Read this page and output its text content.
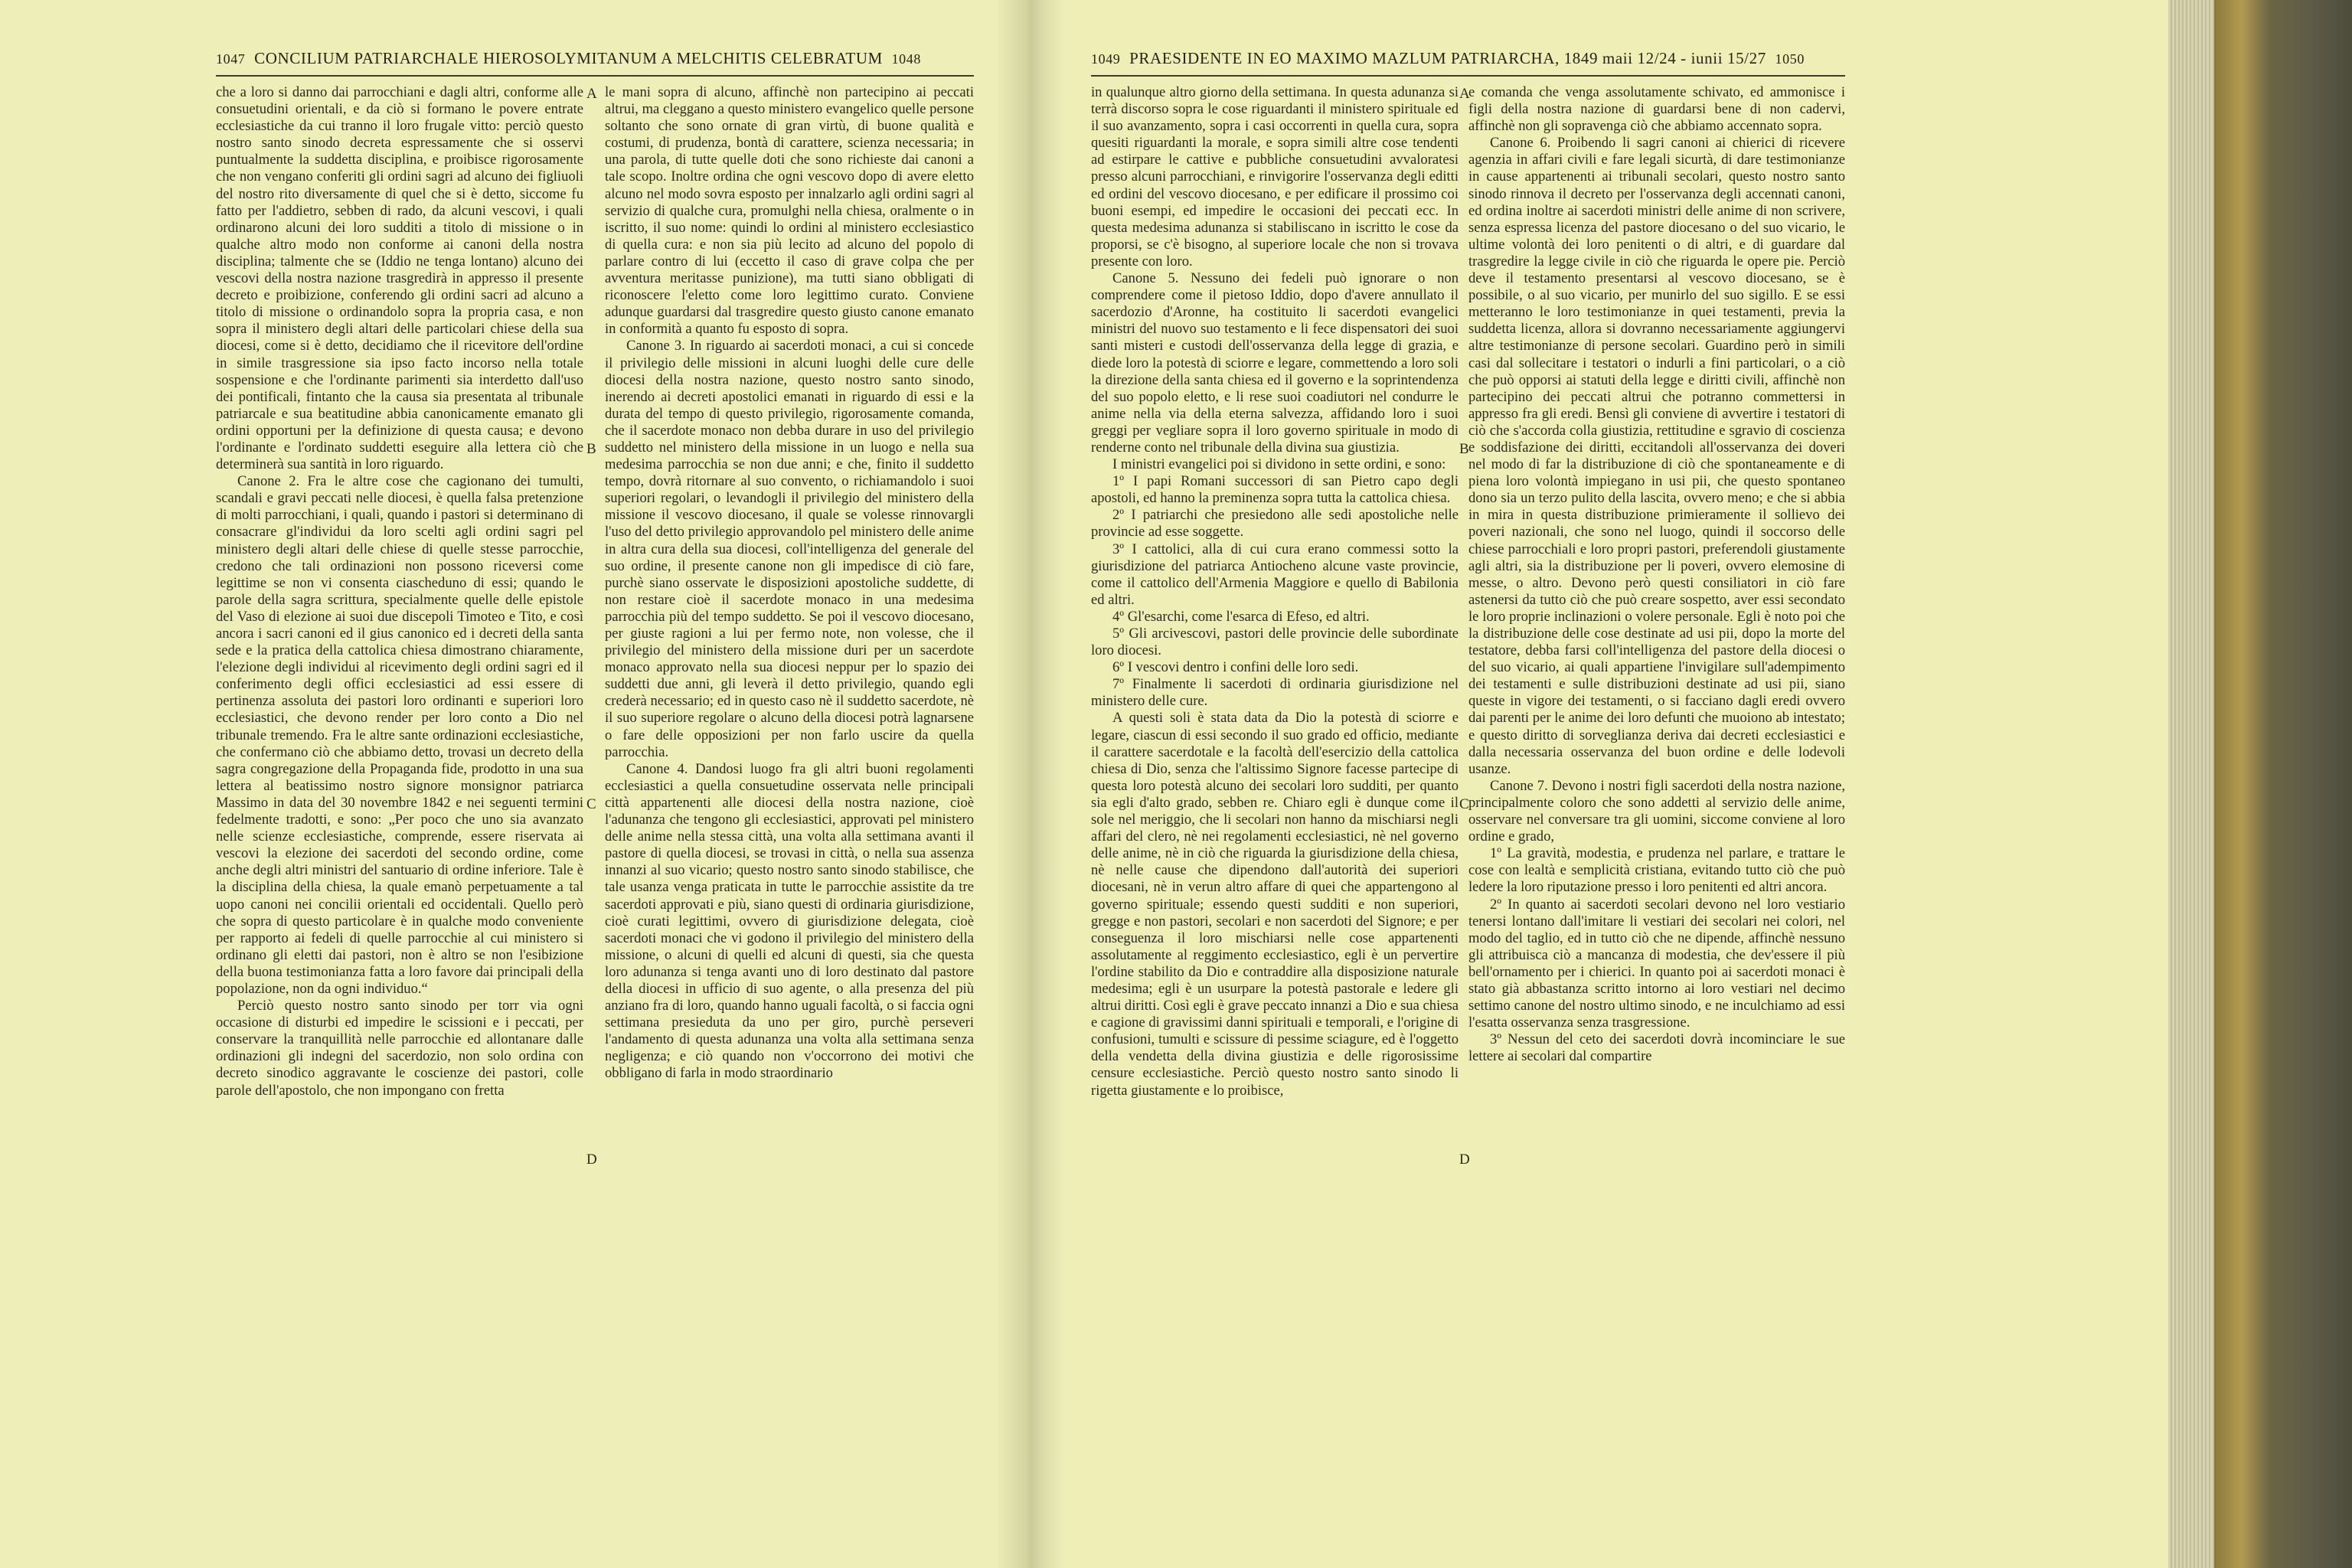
1047 CONCILIUM PATRIARCHALE HIEROSOLYMITANUM A MELCHITIS CELEBRATUM 1048	1049 PRAESIDENTE IN EO MAXIMO MAZLUM PATRIARCHA, 1849 maii 12/24 - iunii 15/27 1050

che a loro si danno dai parrocchiani e dagli altri, conforme alle consuetudini orientali, e da ciò si formano le povere entrate ecclesiastiche da cui tranno il loro frugale vitto: perciò questo nostro santo sinodo decreta espressamente che si osservi puntualmente la suddetta disciplina, e proibisce rigorosamente che non vengano conferiti gli ordini sagri ad alcuno dei figliuoli del nostro rito diversamente di quel che si è detto, siccome fu fatto per l'addietro, sebben di rado, da alcuni vescovi, i quali ordinarono alcuni dei loro sudditi a titolo di missione o in qualche altro modo non conforme ai canoni della nostra disciplina; talmente che se (Iddio ne tenga lontano) alcuno dei vescovi della nostra nazione trasgredirà in appresso il presente decreto e proibizione, conferendo gli ordini sacri ad alcuno a titolo di missione o ordinandolo sopra la propria casa, e non sopra il ministero degli altari delle particolari chiese della sua diocesi, come si è detto, decidiamo che il ricevitore dell'ordine in simile trasgressione sia ipso facto incorso nella totale sospensione e che l'ordinante parimenti sia interdetto dall'uso dei pontificali, fintanto che la causa sia presentata al tribunale patriarcale e sua beatitudine abbia canonicamente emanato gli ordini opportuni per la definizione di questa causa; e devono l'ordinante e l'ordinato suddetti eseguire alla lettera ciò che determinerà sua santità in loro riguardo.

Canone 2. Fra le altre cose che cagionano dei tumulti, scandali e gravi peccati nelle diocesi, è quella falsa pretenzione di molti parrocchiani, i quali, quando i pastori si determinano di consacrare gl'individui da loro scelti agli ordini sagri pel ministero degli altari delle chiese di quelle stesse parrocchie, credono che tali ordinazioni non possono riceversi come legittime se non vi consenta ciascheduno di essi; quando le parole della sagra scrittura, specialmente quelle delle epistole del Vaso di elezione ai suoi due discepoli Timoteo e Tito, e così ancora i sacri canoni ed il gius canonico ed i decreti della santa sede e la pratica della cattolica chiesa dimostrano chiaramente, l'elezione degli individui al ricevimento degli ordini sagri ed il conferimento degli offici ecclesiastici ad essi essere di pertinenza assoluta dei pastori loro ordinanti e superiori loro ecclesiastici, che devono render per loro conto a Dio nel tribunale tremendo. Fra le altre sante ordinazioni ecclesiastiche, che confermano ciò che abbiamo detto, trovasi un decreto della sagra congregazione della Propaganda fide, prodotto in una sua lettera al beatissimo nostro signore monsignor patriarca Massimo in data del 30 novembre 1842 e nei seguenti termini fedelmente tradotti, e sono: „Per poco che uno sia avanzato nelle scienze ecclesiastiche, comprende, essere riservata ai vescovi la elezione dei sacerdoti del secondo ordine, come anche degli altri ministri del santuario di ordine inferiore. Tale è la disciplina della chiesa, la quale emanò perpetuamente a tal uopo canoni nei concilii orientali ed occidentali. Quello però che sopra di questo particolare è in qualche modo conveniente per rapporto ai fedeli di quelle parrocchie al cui ministero si ordinano gli eletti dai pastori, non è altro se non l'esibizione della buona testimonianza fatta a loro favore dai principali della popolazione, non da ogni individuo.“

Perciò questo nostro santo sinodo per torr via ogni occasione di disturbi ed impedire le scissioni e i peccati, per conservare la tranquillità nelle parrocchie ed allontanare dalle ordinazioni gli indegni del sacerdozio, non solo ordina con decreto sinodico aggravante le coscienze dei pastori, colle parole dell'apostolo, che non impongano con fretta

le mani sopra di alcuno, affinchè non partecipino ai peccati altrui, ma cleggano a questo ministero evangelico quelle persone soltanto che sono ornate di gran virtù, di buone qualità e costumi, di prudenza, bontà di carattere, scienza necessaria; in una parola, di tutte quelle doti che sono richieste dai canoni a tale scopo. Inoltre ordina che ogni vescovo dopo di avere eletto alcuno nel modo sovra esposto per innalzarlo agli ordini sagri al servizio di qualche cura, promulghi nella chiesa, oralmente o in iscritto, il suo nome: quindi lo ordini al ministero ecclesiastico di quella cura: e non sia più lecito ad alcuno del popolo di parlare contro di lui (eccetto il caso di grave colpa che per avventura meritasse punizione), ma tutti siano obbligati di riconoscere l'eletto come loro legittimo curato. Conviene adunque guardarsi dal trasgredire questo giusto canone emanato in conformità a quanto fu esposto di sopra.

Canone 3. In riguardo ai sacerdoti monaci, a cui si concede il privilegio delle missioni in alcuni luoghi delle cure delle diocesi della nostra nazione, questo nostro santo sinodo, inerendo ai decreti apostolici emanati in riguardo di essi e la durata del tempo di questo privilegio, rigorosamente comanda, che il sacerdote monaco non debba durare in uso del privilegio suddetto nel ministero della missione in un luogo e nella sua medesima parrocchia se non due anni; e che, finito il suddetto tempo, dovrà ritornare al suo convento, o richiamandolo i suoi superiori regolari, o levandogli il privilegio del ministero della missione il vescovo diocesano, il quale se volesse rinnovargli l'uso del detto privilegio approvandolo pel ministero delle anime in altra cura della sua diocesi, coll'intelligenza del generale del suo ordine, il presente canone non gli impedisce di ciò fare, purchè siano osservate le disposizioni apostoliche suddette, di non restare cioè il sacerdote monaco in una medesima parrocchia più del tempo suddetto. Se poi il vescovo diocesano, per giuste ragioni a lui per fermo note, non volesse, che il privilegio del ministero della missione duri per un sacerdote monaco approvato nella sua diocesi neppur per lo spazio dei suddetti due anni, gli leverà il detto privilegio, quando egli crederà necessario; ed in questo caso nè il suddetto sacerdote, nè il suo superiore regolare o alcuno della diocesi potrà lagnarsene o fare delle opposizioni per non farlo uscire da quella parrocchia.

Canone 4. Dandosi luogo fra gli altri buoni regolamenti ecclesiastici a quella consuetudine osservata nelle principali città appartenenti alle diocesi della nostra nazione, cioè l'adunanza che tengono gli ecclesiastici, approvati pel ministero delle anime nella stessa città, una volta alla settimana avanti il pastore di quella diocesi, se trovasi in città, o nella sua assenza innanzi al suo vicario; questo nostro santo sinodo stabilisce, che tale usanza venga praticata in tutte le parrocchie assistite da tre sacerdoti approvati e più, siano questi di ordinaria giurisdizione, cioè curati legittimi, ovvero di giurisdizione delegata, cioè sacerdoti monaci che vi godono il privilegio del ministero della missione, o alcuni di quelli ed alcuni di questi, sia che questa loro adunanza si tenga avanti uno di loro destinato dal pastore della diocesi in ufficio di suo agente, o alla presenza del più anziano fra di loro, quando hanno uguali facoltà, o si faccia ogni settimana presieduta da uno per giro, purchè perseveri l'andamento di questa adunanza una volta alla settimana senza negligenza; e ciò quando non v'occorrono dei motivi che obbligano di farla in modo straordinario

in qualunque altro giorno della settimana. In questa adunanza si terrà discorso sopra le cose riguardanti il ministero spirituale ed il suo avanzamento, sopra i casi occorrenti in quella cura, sopra quesiti riguardanti la morale, e sopra simili altre cose tendenti ad estirpare le cattive e pubbliche consuetudini avvaloratesi presso alcuni parrocchiani, e rinvigorire l'osservanza degli editti ed ordini del vescovo diocesano, e per edificare il prossimo coi buoni esempi, ed impedire le occasioni dei peccati ecc. In questa medesima adunanza si stabiliscano in iscritto le cose da proporsi, se c'è bisogno, al superiore locale che non si trovava presente con loro.

Canone 5. Nessuno dei fedeli può ignorare o non comprendere come il pietoso Iddio, dopo d'avere annullato il sacerdozio d'Aronne, ha costituito li sacerdoti evangelici ministri del nuovo suo testamento e li fece dispensatori dei suoi santi misteri e custodi dell'osservanza della legge di grazia, e diede loro la potestà di sciorre e legare, commettendo a loro soli la direzione della santa chiesa ed il governo e la soprintendenza del suo popolo eletto, e li rese suoi coadiutori nel condurre le anime nella via della eterna salvezza, affidando loro i suoi greggi per vegliare sopra il loro governo spirituale in modo di renderne conto nel tribunale della divina sua giustizia.

I ministri evangelici poi si dividono in sette ordini, e sono:

1º I papi Romani successori di san Pietro capo degli apostoli, ed hanno la preminenza sopra tutta la cattolica chiesa.

2º I patriarchi che presiedono alle sedi apostoliche nelle provincie ad esse soggette.

3º I cattolici, alla di cui cura erano commessi sotto la giurisdizione del patriarca Antiocheno alcune vaste provincie, come il cattolico dell'Armenia Maggiore e quello di Babilonia ed altri.

4º Gl'esarchi, come l'esarca di Efeso, ed altri.

5º Gli arcivescovi, pastori delle provincie delle subordinate loro diocesi.

6º I vescovi dentro i confini delle loro sedi.

7º Finalmente li sacerdoti di ordinaria giurisdizione nel ministero delle cure.

A questi soli è stata data da Dio la potestà di sciorre e legare, ciascun di essi secondo il suo grado ed officio, mediante il carattere sacerdotale e la facoltà dell'esercizio della cattolica chiesa di Dio, senza che l'altissimo Signore facesse partecipe di questa loro potestà alcuno dei secolari loro sudditi, per quanto sia egli d'alto grado, sebben re. Chiaro egli è dunque come il sole nel meriggio, che li secolari non hanno da mischiarsi negli affari del clero, nè nei regolamenti ecclesiastici, nè nel governo delle anime, nè in ciò che riguarda la giurisdizione della chiesa, nè nelle cause che dipendono dall'autorità dei superiori diocesani, nè in verun altro affare di quei che appartengono al governo spirituale; essendo questi sudditi e non superiori, gregge e non pastori, secolari e non sacerdoti del Signore; e per conseguenza il loro mischiarsi nelle cose appartenenti assolutamente al reggimento ecclesiastico, egli è un pervertire l'ordine stabilito da Dio e contraddire alla disposizione naturale medesima; egli è un usurpare la potestà pastorale e ledere gli altrui diritti. Così egli è grave peccato innanzi a Dio e sua chiesa e cagione di gravissimi danni spirituali e temporali, e l'origine di confusioni, tumulti e scissure di pessime sciagure, ed è l'oggetto della vendetta della divina giustizia e delle rigorosissime censure ecclesiastiche. Perciò questo nostro santo sinodo li rigetta giustamente e lo proibisce,

e comanda che venga assolutamente schivato, ed ammonisce i figli della nostra nazione di guardarsi bene di non cadervi, affinchè non gli sopravenga ciò che abbiamo accennato sopra.

Canone 6. Proibendo li sagri canoni ai chierici di ricevere agenzia in affari civili e fare legali sicurtà, di dare testimonianze in cause appartenenti ai tribunali secolari, questo nostro santo sinodo rinnova il decreto per l'osservanza degli accennati canoni, ed ordina inoltre ai sacerdoti ministri delle anime di non scrivere, senza espressa licenza del pastore diocesano o del suo vicario, le ultime volontà dei loro penitenti o di altri, e di guardare dal trasgredire la legge civile in ciò che riguarda le opere pie. Perciò deve il testamento presentarsi al vescovo diocesano, se è possibile, o al suo vicario, per munirlo del suo sigillo. E se essi metteranno le loro testimonianze in quei testamenti, previa la suddetta licenza, allora si dovranno necessariamente aggiungervi altre testimonianze di persone secolari. Guardino però in simili casi dal sollecitare i testatori o indurli a fini particolari, o a ciò che può opporsi ai statuti della legge e diritti civili, affinchè non partecipino dei peccati altrui che potranno commettersi in appresso fra gli eredi. Bensì gli conviene di avvertire i testatori di ciò che s'accorda colla giustizia, rettitudine e sgravio di coscienza e soddisfazione dei diritti, eccitandoli all'osservanza dei doveri nel modo di far la distribuzione di ciò che spontaneamente e di piena loro volontà impiegano in usi pii, che questo spontaneo dono sia un terzo pulito della lascita, ovvero meno; e che si abbia in mira in questa distribuzione primieramente il sollievo dei poveri nazionali, che sono nel luogo, quindi il soccorso delle chiese parrocchiali e loro propri pastori, preferendoli giustamente agli altri, sia la distribuzione per li poveri, ovvero elemosine di messe, o altro. Devono però questi consiliatori in ciò fare astenersi da tutto ciò che può creare sospetto, aver essi secondato le loro proprie inclinazioni o volere personale. Egli è noto poi che la distribuzione delle cose destinate ad usi pii, dopo la morte del testatore, debba farsi coll'intelligenza del pastore della diocesi o del suo vicario, ai quali appartiene l'invigilare sull'adempimento dei testamenti e sulle distribuzioni destinate ad usi pii, siano queste in vigore dei testamenti, o si facciano dagli eredi ovvero dai parenti per le anime dei loro defunti che muoiono ab intestato; e questo diritto di sorveglianza deriva dai decreti ecclesiastici e dalla necessaria osservanza del buon ordine e delle lodevoli usanze.

Canone 7. Devono i nostri figli sacerdoti della nostra nazione, principalmente coloro che sono addetti al servizio delle anime, osservare nel conversare tra gli uomini, siccome conviene al loro ordine e grado,

1º La gravità, modestia, e prudenza nel parlare, e trattare le cose con lealtà e semplicità cristiana, evitando tutto ciò che può ledere la loro riputazione presso i loro penitenti ed altri ancora.

2º In quanto ai sacerdoti secolari devono nel loro vestiario tenersi lontano dall'imitare li vestiari dei secolari nei colori, nel modo del taglio, ed in tutto ciò che ne dipende, affinchè nessuno gli attribuisca ciò a mancanza di modestia, che dev'essere il più bell'ornamento per i chierici. In quanto poi ai sacerdoti monaci è stato già abbastanza scritto intorno ai loro vestiari nel decimo settimo canone del nostro ultimo sinodo, e ne inculchiamo ad essi l'esatta osservanza senza trasgressione.

3º Nessun del ceto dei sacerdoti dovrà incominciare le sue lettere ai secolari dal compartire

A
B
C
D
A
B
C
D
